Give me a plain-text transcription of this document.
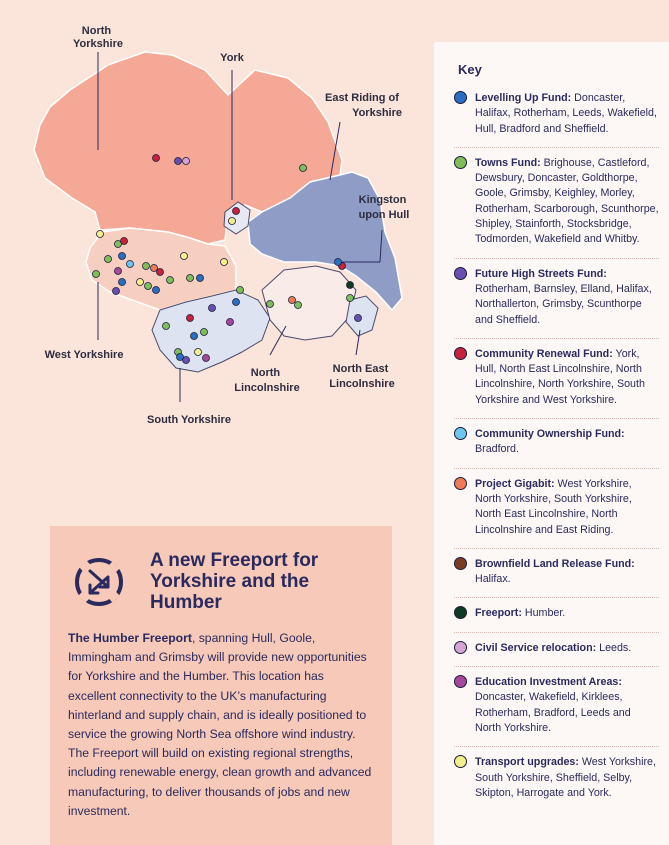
North Yorkshire
York
East Riding of Yorkshire
Kingston upon Hull
West Yorkshire
South Yorkshire
North Lincolnshire
North East Lincolnshire
Key
Levelling Up Fund: Doncaster, Halifax, Rotherham, Leeds, Wakefield, Hull, Bradford and Sheffield.
Towns Fund: Brighouse, Castleford, Dewsbury, Doncaster, Goldthorpe, Goole, Grimsby, Keighley, Morley, Rotherham, Scarborough, Scunthorpe, Shipley, Stainforth, Stocksbridge, Todmorden, Wakefield and Whitby.
Future High Streets Fund: Rotherham, Barnsley, Elland, Halifax, Northallerton, Grimsby, Scunthorpe and Sheffield.
Community Renewal Fund: York, Hull, North East Lincolnshire, North Lincolnshire, North Yorkshire, South Yorkshire and West Yorkshire.
Community Ownership Fund: Bradford.
Project Gigabit: West Yorkshire, North Yorkshire, South Yorkshire, North East Lincolnshire, North Lincolnshire and East Riding.
Brownfield Land Release Fund: Halifax.
Freeport: Humber.
Civil Service relocation: Leeds.
Education Investment Areas: Doncaster, Wakefield, Kirklees, Rotherham, Bradford, Leeds and North Yorkshire.
Transport upgrades: West Yorkshire, South Yorkshire, Sheffield, Selby, Skipton, Harrogate and York.
A new Freeport for Yorkshire and the Humber
The Humber Freeport, spanning Hull, Goole, Immingham and Grimsby will provide new opportunities for Yorkshire and the Humber. This location has excellent connectivity to the UK’s manufacturing hinterland and supply chain, and is ideally positioned to service the growing North Sea offshore wind industry. The Freeport will build on existing regional strengths, including renewable energy, clean growth and advanced manufacturing, to deliver thousands of jobs and new investment.
